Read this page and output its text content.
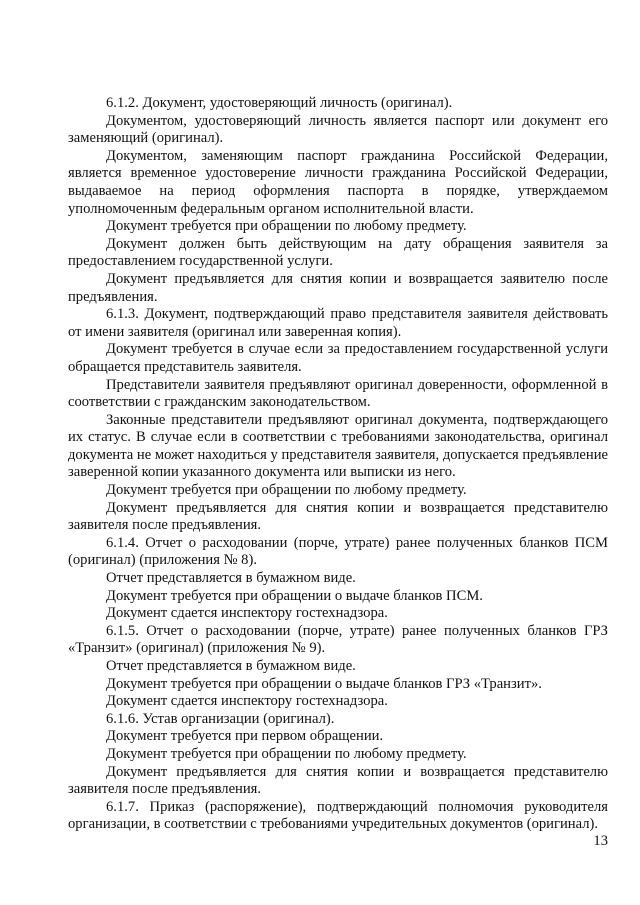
6.1.2. Документ, удостоверяющий личность (оригинал).

Документом, удостоверяющий личность является паспорт или документ его заменяющий (оригинал).

Документом, заменяющим паспорт гражданина Российской Федерации, является временное удостоверение личности гражданина Российской Федерации, выдаваемое на период оформления паспорта в порядке, утверждаемом уполномоченным федеральным органом исполнительной власти.

Документ требуется при обращении по любому предмету.

Документ должен быть действующим на дату обращения заявителя за предоставлением государственной услуги.

Документ предъявляется для снятия копии и возвращается заявителю после предъявления.

6.1.3. Документ, подтверждающий право представителя заявителя действовать от имени заявителя (оригинал или заверенная копия).

Документ требуется в случае если за предоставлением государственной услуги обращается представитель заявителя.

Представители заявителя предъявляют оригинал доверенности, оформленной в соответствии с гражданским законодательством.

Законные представители предъявляют оригинал документа, подтверждающего их статус. В случае если в соответствии с требованиями законодательства, оригинал документа не может находиться у представителя заявителя, допускается предъявление заверенной копии указанного документа или выписки из него.

Документ требуется при обращении по любому предмету.

Документ предъявляется для снятия копии и возвращается представителю заявителя после предъявления.

6.1.4. Отчет о расходовании (порче, утрате) ранее полученных бланков ПСМ (оригинал) (приложения № 8).

Отчет представляется в бумажном виде.

Документ требуется при обращении о выдаче бланков ПСМ.

Документ сдается инспектору гостехнадзора.

6.1.5. Отчет о расходовании (порче, утрате) ранее полученных бланков ГРЗ «Транзит» (оригинал) (приложения № 9).

Отчет представляется в бумажном виде.

Документ требуется при обращении о выдаче бланков ГРЗ «Транзит».

Документ сдается инспектору гостехнадзора.

6.1.6. Устав организации (оригинал).

Документ требуется при первом обращении.

Документ требуется при обращении по любому предмету.

Документ предъявляется для снятия копии и возвращается представителю заявителя после предъявления.

6.1.7. Приказ (распоряжение), подтверждающий полномочия руководителя организации, в соответствии с требованиями учредительных документов (оригинал).

13
